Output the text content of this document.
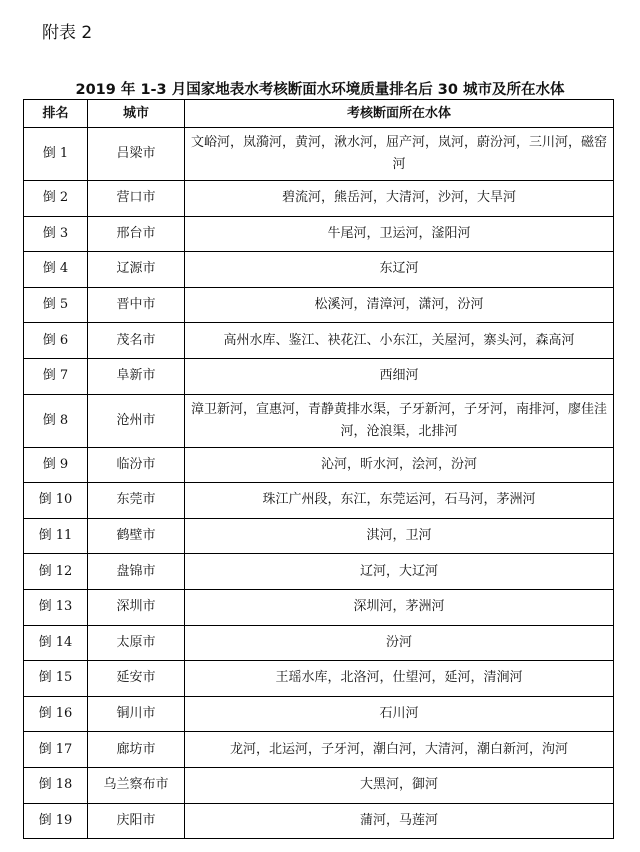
附表 2
2019 年 1-3 月国家地表水考核断面水环境质量排名后 30 城市及所在水体
排名	城市	考核断面所在水体
倒 1	吕梁市	文峪河，岚漪河，黄河，湫水河，屈产河，岚河，蔚汾河，三川河，磁窑河
倒 2	营口市	碧流河，熊岳河，大清河，沙河，大旱河
倒 3	邢台市	牛尾河，卫运河，滏阳河
倒 4	辽源市	东辽河
倒 5	晋中市	松溪河，清漳河，潇河，汾河
倒 6	茂名市	高州水库、鉴江、袂花江、小东江，关屋河，寨头河，森高河
倒 7	阜新市	西细河
倒 8	沧州市	漳卫新河，宣惠河，青静黄排水渠，子牙新河，子牙河，南排河，廖佳洼河，沧浪渠，北排河
倒 9	临汾市	沁河，昕水河，浍河，汾河
倒 10	东莞市	珠江广州段，东江，东莞运河，石马河，茅洲河
倒 11	鹤壁市	淇河，卫河
倒 12	盘锦市	辽河，大辽河
倒 13	深圳市	深圳河，茅洲河
倒 14	太原市	汾河
倒 15	延安市	王瑶水库，北洛河，仕望河，延河，清涧河
倒 16	铜川市	石川河
倒 17	廊坊市	龙河，北运河，子牙河，潮白河，大清河，潮白新河，泃河
倒 18	乌兰察布市	大黑河，御河
倒 19	庆阳市	蒲河，马莲河
